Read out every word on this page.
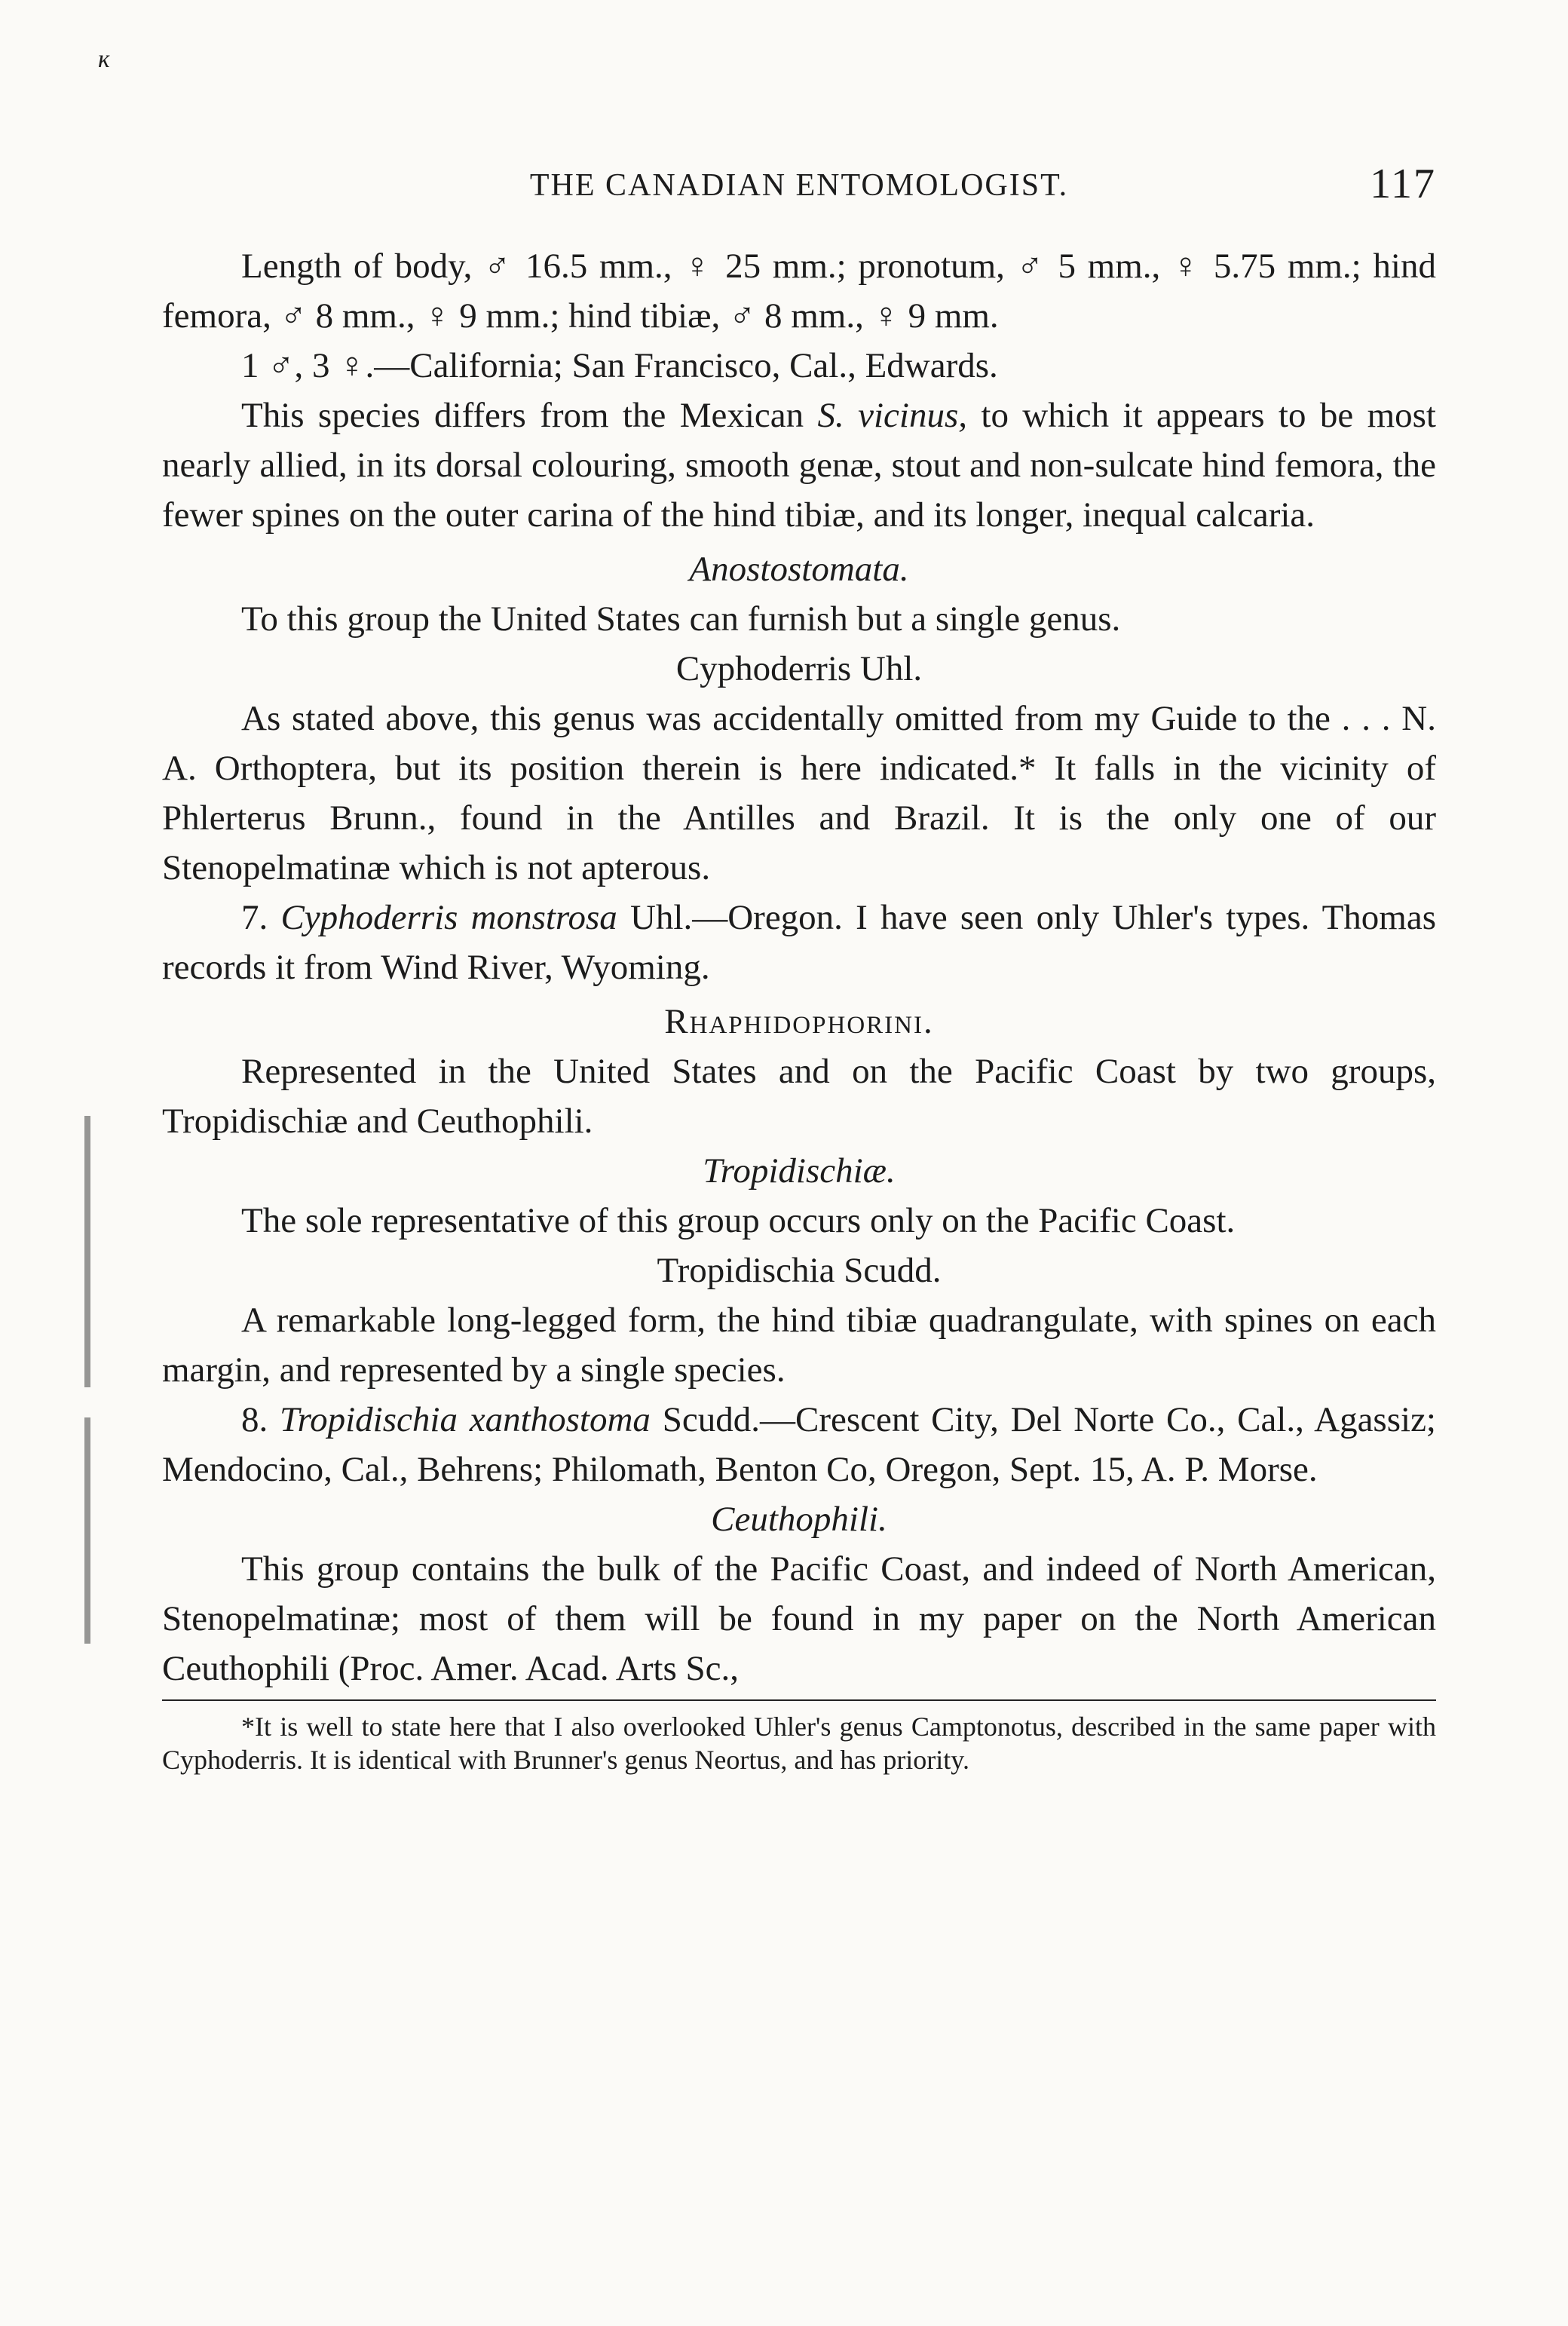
ĸ
THE CANADIAN ENTOMOLOGIST.	117

Length of body, ♂ 16.5 mm., ♀ 25 mm.; pronotum, ♂ 5 mm., ♀ 5.75 mm.; hind femora, ♂ 8 mm., ♀ 9 mm.; hind tibiæ, ♂ 8 mm., ♀ 9 mm.

1 ♂, 3 ♀.—California; San Francisco, Cal., Edwards.

This species differs from the Mexican S. vicinus, to which it appears to be most nearly allied, in its dorsal colouring, smooth genæ, stout and non-sulcate hind femora, the fewer spines on the outer carina of the hind tibiæ, and its longer, inequal calcaria.

Anostostomata.

To this group the United States can furnish but a single genus.

Cyphoderris Uhl.

As stated above, this genus was accidentally omitted from my Guide to the . . . N. A. Orthoptera, but its position therein is here indicated.* It falls in the vicinity of Phlerterus Brunn., found in the Antilles and Brazil. It is the only one of our Stenopelmatinæ which is not apterous.

7. Cyphoderris monstrosa Uhl.—Oregon. I have seen only Uhler's types. Thomas records it from Wind River, Wyoming.

Rhaphidophorini.

Represented in the United States and on the Pacific Coast by two groups, Tropidischiæ and Ceuthophili.

Tropidischiæ.

The sole representative of this group occurs only on the Pacific Coast.

Tropidischia Scudd.

A remarkable long-legged form, the hind tibiæ quadrangulate, with spines on each margin, and represented by a single species.

8. Tropidischia xanthostoma Scudd.—Crescent City, Del Norte Co., Cal., Agassiz; Mendocino, Cal., Behrens; Philomath, Benton Co, Oregon, Sept. 15, A. P. Morse.

Ceuthophili.

This group contains the bulk of the Pacific Coast, and indeed of North American, Stenopelmatinæ; most of them will be found in my paper on the North American Ceuthophili (Proc. Amer. Acad. Arts Sc.,

*It is well to state here that I also overlooked Uhler's genus Camptonotus, described in the same paper with Cyphoderris. It is identical with Brunner's genus Neortus, and has priority.
